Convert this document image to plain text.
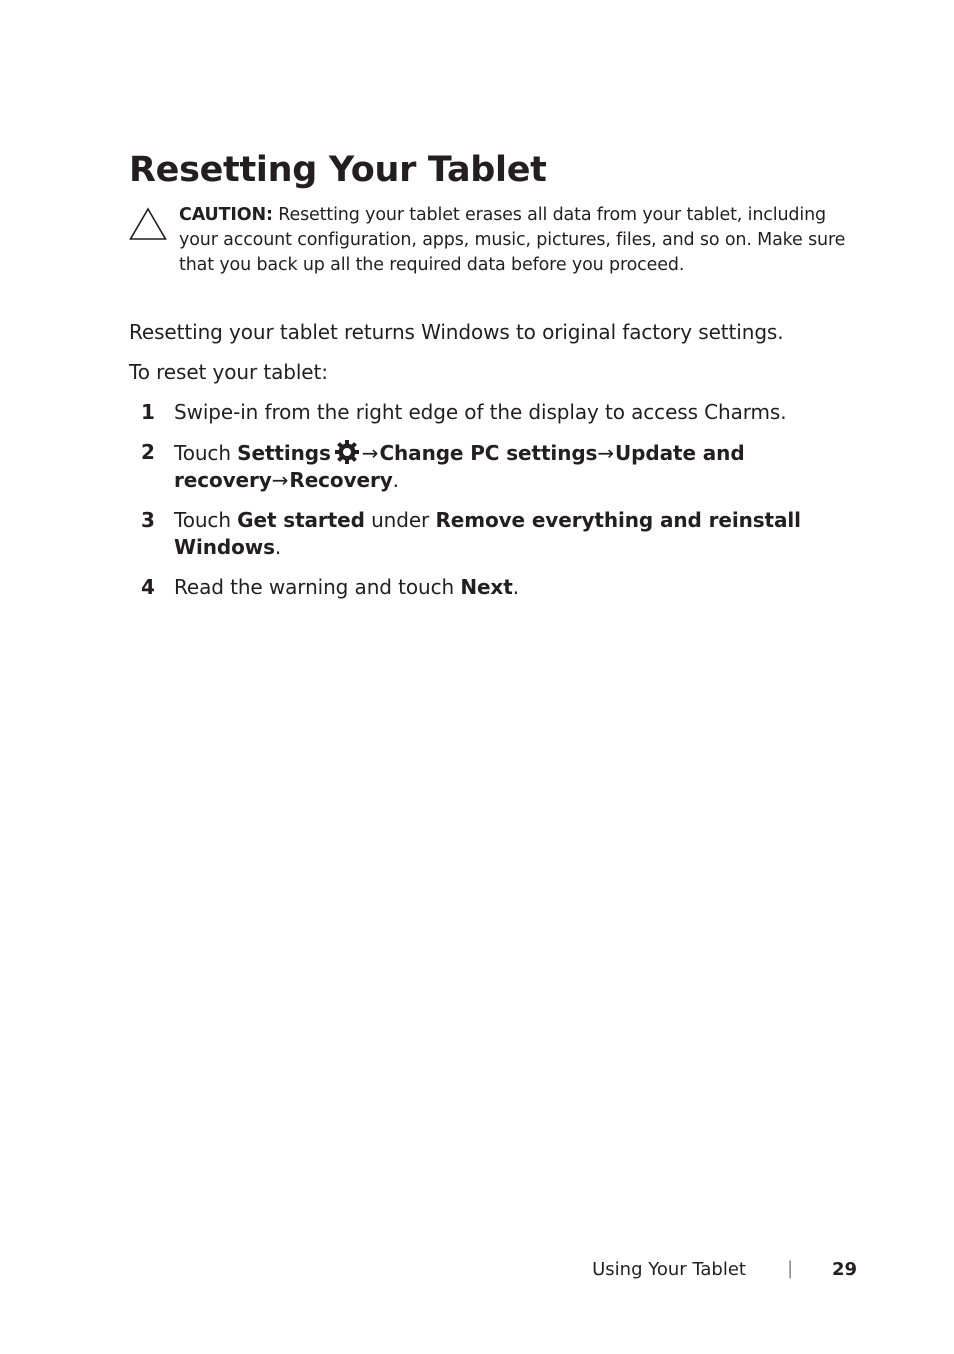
Resetting Your Tablet
CAUTION: Resetting your tablet erases all data from your tablet, including your account configuration, apps, music, pictures, files, and so on. Make sure that you back up all the required data before you proceed.

Resetting your tablet returns Windows to original factory settings.

To reset your tablet:

1 Swipe-in from the right edge of the display to access Charms.
2 Touch Settings →Change PC settings→Update and recovery→Recovery.
3 Touch Get started under Remove everything and reinstall Windows.
4 Read the warning and touch Next.
Using Your Tablet | 29
